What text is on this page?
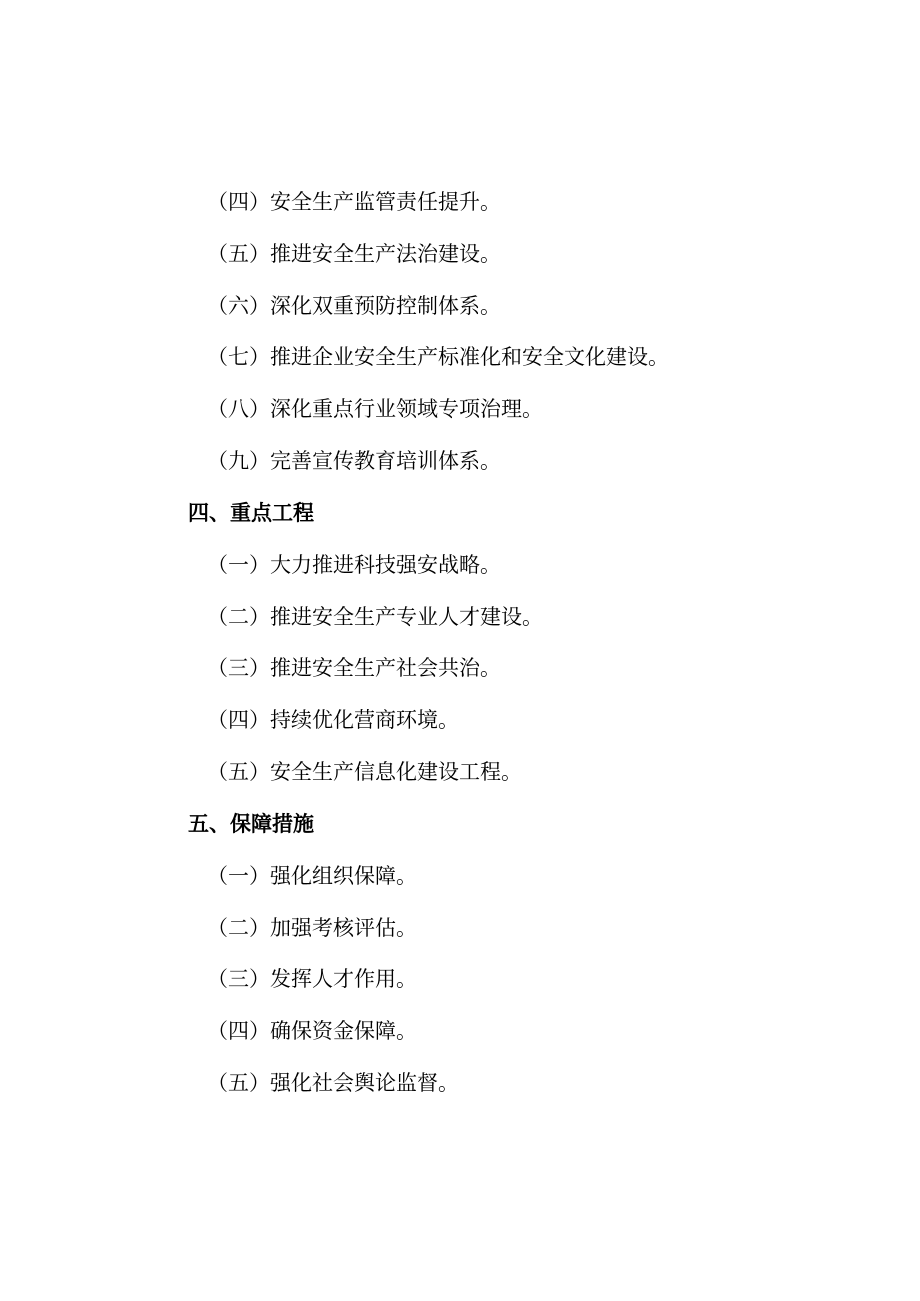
（四）安全生产监管责任提升。
（五）推进安全生产法治建设。
（六）深化双重预防控制体系。
（七）推进企业安全生产标准化和安全文化建设。
（八）深化重点行业领域专项治理。
（九）完善宣传教育培训体系。
四、重点工程
（一）大力推进科技强安战略。
（二）推进安全生产专业人才建设。
（三）推进安全生产社会共治。
（四）持续优化营商环境。
（五）安全生产信息化建设工程。
五、保障措施
（一）强化组织保障。
（二）加强考核评估。
（三）发挥人才作用。
（四）确保资金保障。
（五）强化社会舆论监督。
